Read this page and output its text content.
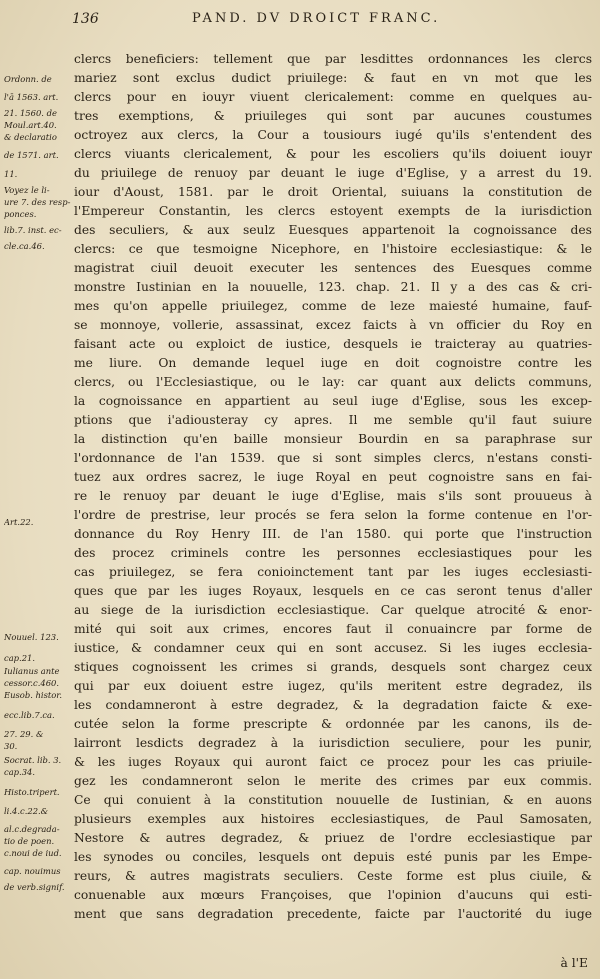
136	PAND. DV DROICT FRANC.
Ordonn. de
l'ā 1563. art.
21. 1560. de
Moul.art.40.
& declaratio
de 1571. art.
11.
Voyez le li-
ure 7. des resp-
ponces.
lib.7. inst. ec-
cle.ca.46.
Art.22.
Nouuel. 123.
cap.21.
Iulianus ante
cessor.c.460.
Eusob. histor.
ecc.lib.7.ca.
27. 29. &
30.
Socrat. lib. 3.
cap.34.
Histo.tripert.
li.4.c.22.&
al.c.degrada-
tio de poen.
c.noui de iud.
cap. nouimus
de verb.signif.
clercs beneficiers: tellement que par lesdittes ordonnances les clercs
mariez sont exclus dudict priuilege: & faut en vn mot que les
clercs pour en iouyr viuent clericalement: comme en quelques au-
tres exemptions, & priuileges qui sont par aucunes coustumes
octroyez aux clercs, la Cour a tousiours iugé qu'ils s'entendent des
clercs viuants clericalement, & pour les escoliers qu'ils doiuent iouyr
du priuilege de renuoy par deuant le iuge d'Eglise, y a arrest du 19.
iour d'Aoust, 1581. par le droit Oriental, suiuans la constitution de
l'Empereur Constantin, les clercs estoyent exempts de la iurisdiction
des seculiers, & aux seulz Euesques appartenoit la cognoissance des
clercs: ce que tesmoigne Nicephore, en l'histoire ecclesiastique: & le
magistrat ciuil deuoit executer les sentences des Euesques comme
monstre Iustinian en la nouuelle, 123. chap. 21. Il y a des cas & cri-
mes qu'on appelle priuilegez, comme de leze maiesté humaine, fauf-
se monnoye, vollerie, assassinat, excez faicts à vn officier du Roy en
faisant acte ou exploict de iustice, desquels ie traicteray au quatries-
me liure. On demande lequel iuge en doit cognoistre contre les
clercs, ou l'Ecclesiastique, ou le lay: car quant aux delicts communs,
la cognoissance en appartient au seul iuge d'Eglise, sous les excep-
ptions que i'adiousteray cy apres. Il me semble qu'il faut suiure
la distinction qu'en baille monsieur Bourdin en sa paraphrase sur
l'ordonnance de l'an 1539. que si sont simples clercs, n'estans consti-
tuez aux ordres sacrez, le iuge Royal en peut cognoistre sans en fai-
re le renuoy par deuant le iuge d'Eglise, mais s'ils sont prouueus à
l'ordre de prestrise, leur procés se fera selon la forme contenue en l'or-
donnance du Roy Henry III. de l'an 1580. qui porte que l'instruction
des procez criminels contre les personnes ecclesiastiques pour les
cas priuilegez, se fera conioinctement tant par les iuges ecclesiasti-
ques que par les iuges Royaux, lesquels en ce cas seront tenus d'aller
au siege de la iurisdiction ecclesiastique. Car quelque atrocité & enor-
mité qui soit aux crimes, encores faut il conuaincre par forme de
iustice, & condamner ceux qui en sont accusez. Si les iuges ecclesia-
stiques cognoissent les crimes si grands, desquels sont chargez ceux
qui par eux doiuent estre iugez, qu'ils meritent estre degradez, ils
les condamneront à estre degradez, & la degradation faicte & exe-
cutée selon la forme prescripte & ordonnée par les canons, ils de-
lairront lesdicts degradez à la iurisdiction seculiere, pour les punir,
& les iuges Royaux qui auront faict ce procez pour les cas priuile-
gez les condamneront selon le merite des crimes par eux commis.
Ce qui conuient à la constitution nouuelle de Iustinian, & en auons
plusieurs exemples aux histoires ecclesiastiques, de Paul Samosaten,
Nestore & autres degradez, & priuez de l'ordre ecclesiastique par
les synodes ou conciles, lesquels ont depuis esté punis par les Empe-
reurs, & autres magistrats seculiers. Ceste forme est plus ciuile, &
conuenable aux mœurs Françoises, que l'opinion d'aucuns qui esti-
ment que sans degradation precedente, faicte par l'auctorité du iuge
à l'E
